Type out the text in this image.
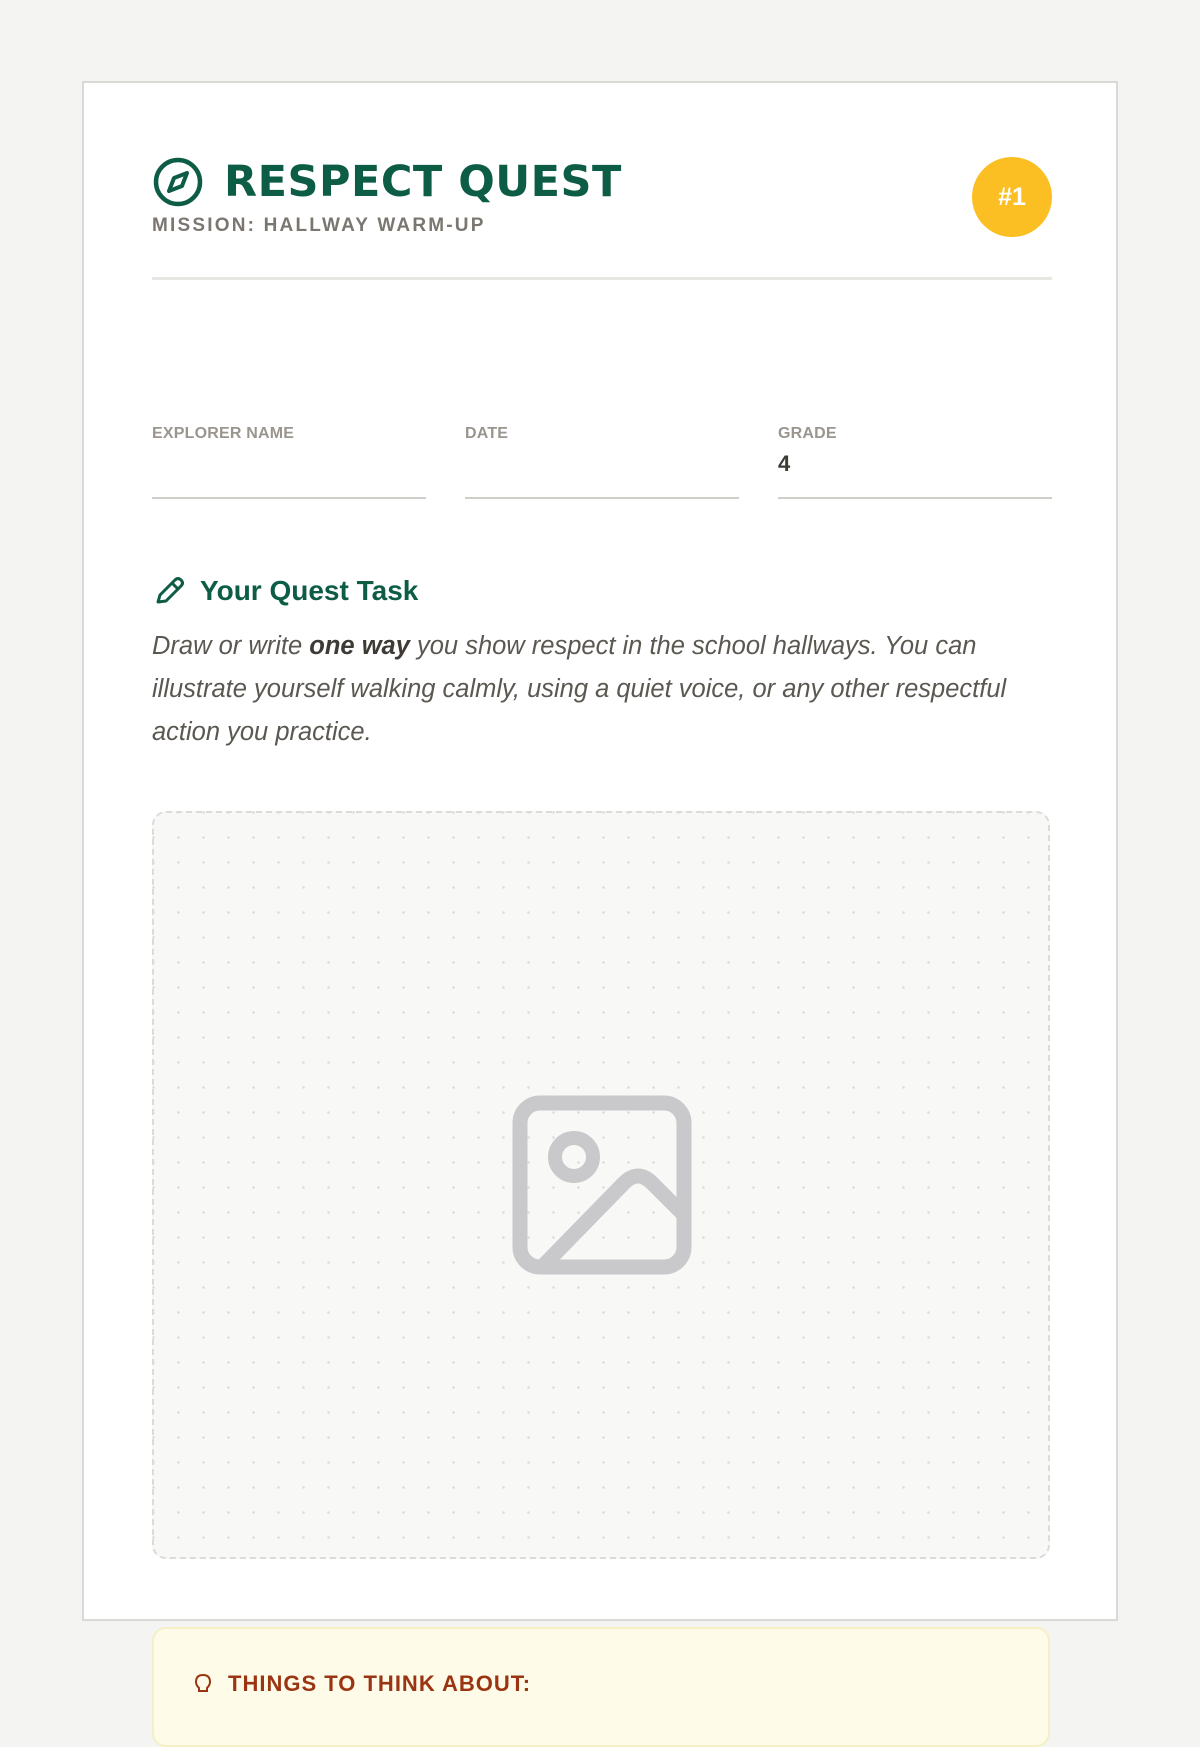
RESPECT QUEST
MISSION: HALLWAY WARM-UP
#1
EXPLORER NAME	DATE	GRADE
4
Your Quest Task
Draw or write one way you show respect in the school hallways. You can illustrate yourself walking calmly, using a quiet voice, or any other respectful action you practice.
THINGS TO THINK ABOUT:
